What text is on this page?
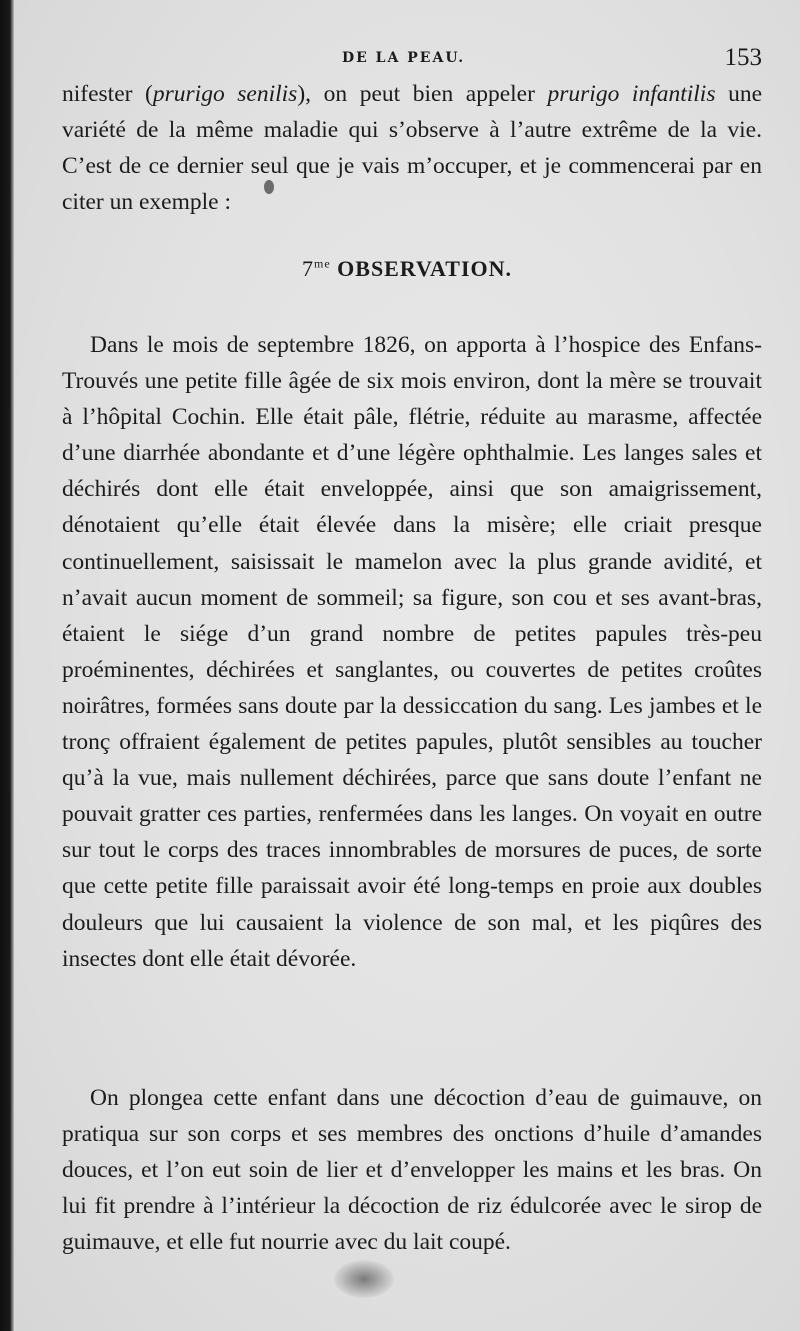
DE LA PEAU.	153

nifester (prurigo senilis), on peut bien appeler prurigo infantilis une variété de la même maladie qui s’observe à l’autre extrême de la vie. C’est de ce dernier seul que je vais m’occuper, et je commencerai par en citer un exemple :

$7^{me}$ OBSERVATION.

Dans le mois de septembre 1826, on apporta à l’hospice des Enfans-Trouvés une petite fille âgée de six mois environ, dont la mère se trouvait à l’hôpital Cochin. Elle était pâle, flétrie, réduite au marasme, affectée d’une diarrhée abondante et d’une légère ophthalmie. Les langes sales et déchirés dont elle était enveloppée, ainsi que son amaigrissement, dénotaient qu’elle était élevée dans la misère; elle criait presque continuellement, saisissait le mamelon avec la plus grande avidité, et n’avait aucun moment de sommeil; sa figure, son cou et ses avant-bras, étaient le siége d’un grand nombre de petites papules très-peu proéminentes, déchirées et sanglantes, ou couvertes de petites croûtes noirâtres, formées sans doute par la dessiccation du sang. Les jambes et le tronç offraient également de petites papules, plutôt sensibles au toucher qu’à la vue, mais nullement déchirées, parce que sans doute l’enfant ne pouvait gratter ces parties, renfermées dans les langes. On voyait en outre sur tout le corps des traces innombrables de morsures de puces, de sorte que cette petite fille paraissait avoir été long-temps en proie aux doubles douleurs que lui causaient la violence de son mal, et les piqûres des insectes dont elle était dévorée.

On plongea cette enfant dans une décoction d’eau de guimauve, on pratiqua sur son corps et ses membres des onctions d’huile d’amandes douces, et l’on eut soin de lier et d’envelopper les mains et les bras. On lui fit prendre à l’intérieur la décoction de riz édulcorée avec le sirop de guimauve, et elle fut nourrie avec du lait coupé.
